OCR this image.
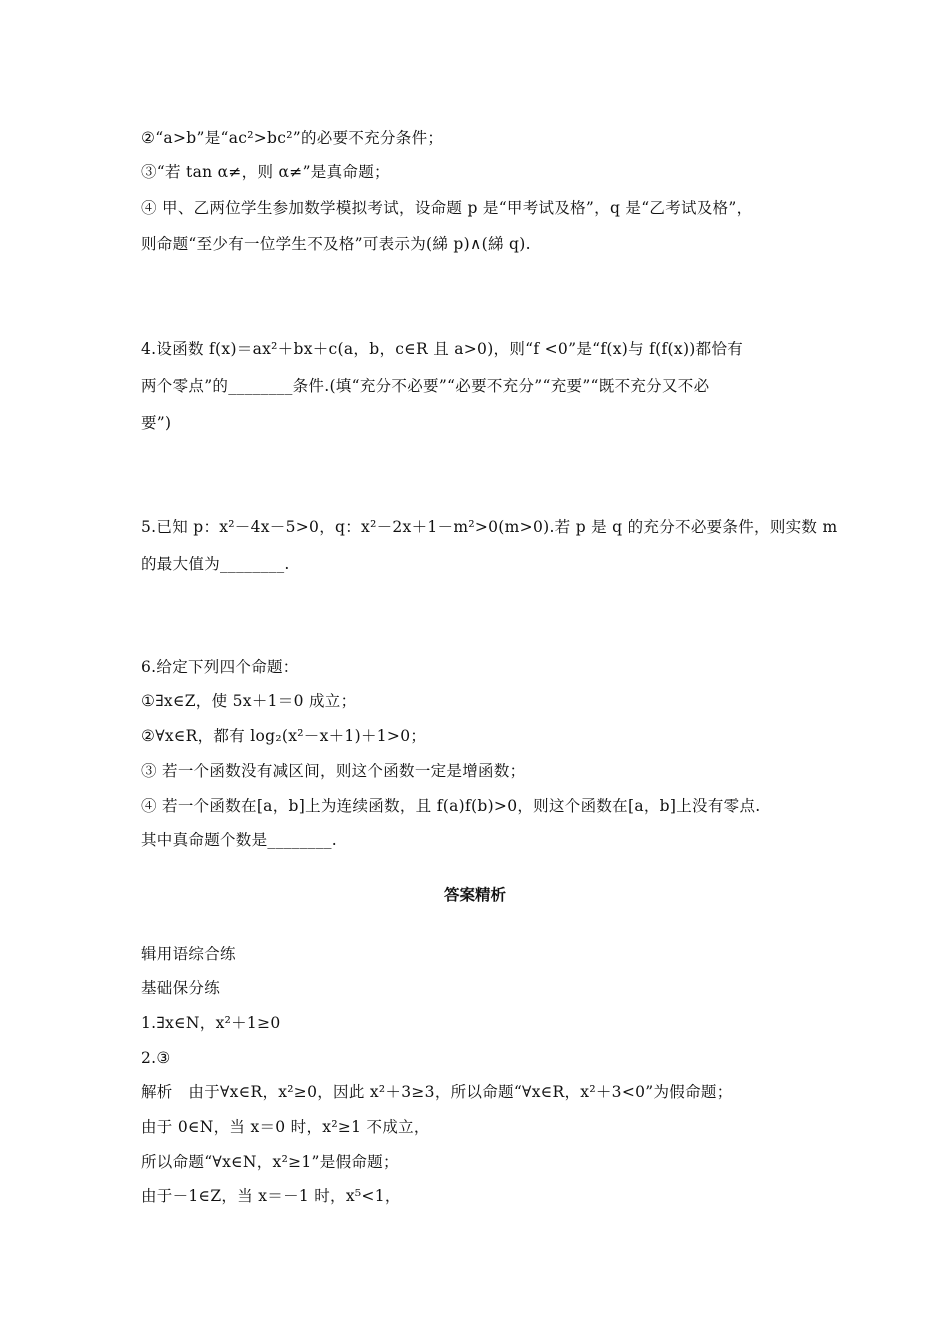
②“a>b”是“ac²>bc²”的必要不充分条件；
③“若 tan α≠，则 α≠”是真命题；
④ 甲、乙两位学生参加数学模拟考试，设命题 p 是“甲考试及格”，q 是“乙考试及格”，
则命题“至少有一位学生不及格”可表示为(綈 p)∧(綈 q).
4.设函数 f(x)＝ax²＋bx＋c(a，b，c∈R 且 a>0)，则“f <0”是“f(x)与 f(f(x))都恰有
两个零点”的________条件.(填“充分不必要”“必要不充分”“充要”“既不充分又不必
要”)
5.已知 p：x²－4x－5>0，q：x²－2x＋1－m²>0(m>0).若 p 是 q 的充分不必要条件，则实数 m
的最大值为________.
6.给定下列四个命题：
①∃x∈Z，使 5x＋1＝0 成立；
②∀x∈R，都有 log₂(x²－x＋1)＋1>0；
③ 若一个函数没有减区间，则这个函数一定是增函数；
④ 若一个函数在[a，b]上为连续函数，且 f(a)f(b)>0，则这个函数在[a，b]上没有零点.
其中真命题个数是________.
答案精析
辑用语综合练
基础保分练
1.∃x∈N，x²＋1≥0
2.③
解析　由于∀x∈R，x²≥0，因此 x²＋3≥3，所以命题“∀x∈R，x²＋3<0”为假命题；
由于 0∈N，当 x＝0 时，x²≥1 不成立，
所以命题“∀x∈N，x²≥1”是假命题；
由于－1∈Z，当 x＝－1 时，x⁵<1，
